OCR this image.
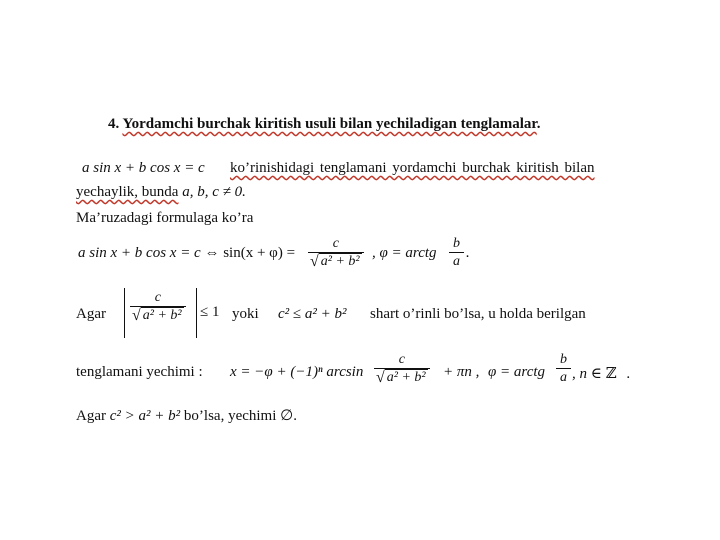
4. Yordamchi burchak kiritish usuli bilan yechiladigan tenglamalar.
a sin x + b cos x = c ko’rinishidagi tenglamani yordamchi burchak kiritish bilan
yechaylik, bunda a, b, c ≠ 0.
Ma’ruzadagi formulaga ko’ra
a sin x + b cos x = c ⇔ sin(x + φ) =
c
√ a² + b²
, φ = arctg
b
a
.
Agar
c
√ a² + b² ≤ 1 yoki c² ≤ a² + b² shart o’rinli bo’lsa, u holda berilgan
tenglamani yechimi : x = −φ + (−1)ⁿ arcsin
c
√ a² + b² + πn , φ = arctg
b
a , n ∈ ℤ .
Agar c² > a² + b² bo’lsa, yechimi ∅.
